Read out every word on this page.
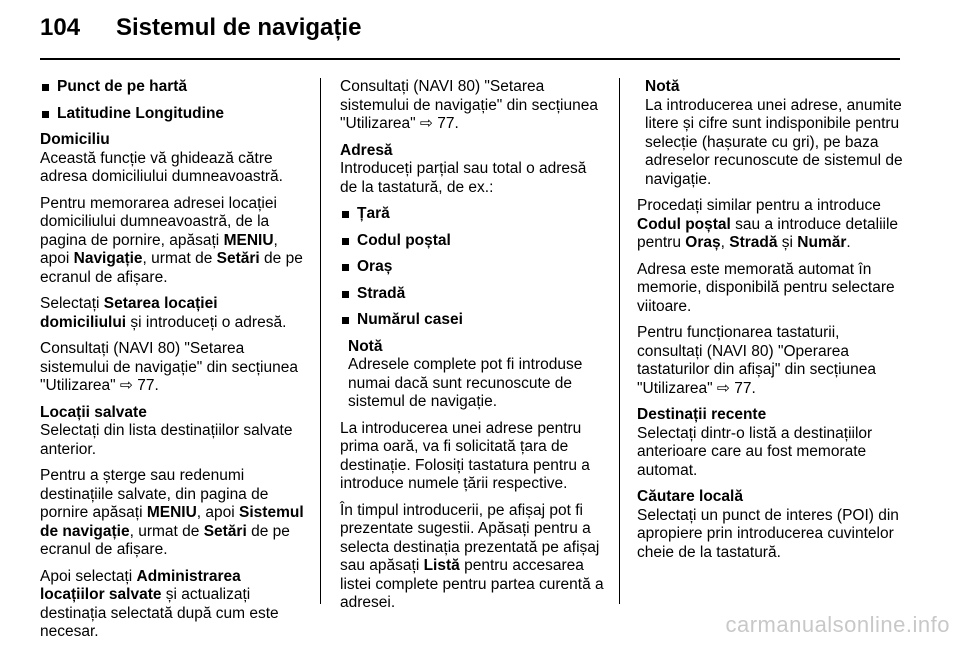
104 Sistemul de navigație
Punct de pe hartă
Latitudine Longitudine

Domiciliu

Această funcție vă ghidează către adresa domiciliului dumneavoastră.

Pentru memorarea adresei locației domiciliului dumneavoastră, de la pagina de pornire, apăsați MENIU, apoi Navigație, urmat de Setări de pe ecranul de afișare.

Selectați Setarea locației domiciliului și introduceți o adresă.

Consultați (NAVI 80) "Setarea sistemului de navigație" din secțiunea "Utilizarea" ⇨ 77.

Locații salvate

Selectați din lista destinațiilor salvate anterior.

Pentru a șterge sau redenumi destinațiile salvate, din pagina de pornire apăsați MENIU, apoi Sistemul de navigație, urmat de Setări de pe ecranul de afișare.

Apoi selectați Administrarea locațiilor salvate și actualizați destinația selectată după cum este necesar.

Consultați (NAVI 80) "Setarea sistemului de navigație" din secțiunea "Utilizarea" ⇨ 77.

Adresă

Introduceți parțial sau total o adresă de la tastatură, de ex.:

Țară
Codul poștal
Oraș
Stradă
Numărul casei
Notă
Adresele complete pot fi introduse numai dacă sunt recunoscute de sistemul de navigație.

La introducerea unei adrese pentru prima oară, va fi solicitată țara de destinație. Folosiți tastatura pentru a introduce numele țării respective.

În timpul introducerii, pe afișaj pot fi prezentate sugestii. Apăsați pentru a selecta destinația prezentată pe afișaj sau apăsați Listă pentru accesarea listei complete pentru partea curentă a adresei.

Notă
La introducerea unei adrese, anumite litere și cifre sunt indisponibile pentru selecție (hașurate cu gri), pe baza adreselor recunoscute de sistemul de navigație.

Procedați similar pentru a introduce Codul poștal sau a introduce detaliile pentru Oraș, Stradă și Număr.

Adresa este memorată automat în memorie, disponibilă pentru selectare viitoare.

Pentru funcționarea tastaturii, consultați (NAVI 80) "Operarea tastaturilor din afișaj" din secțiunea "Utilizarea" ⇨ 77.

Destinații recente

Selectați dintr-o listă a destinațiilor anterioare care au fost memorate automat.

Căutare locală

Selectați un punct de interes (POI) din apropiere prin introducerea cuvintelor cheie de la tastatură.

carmanualsonline.info
